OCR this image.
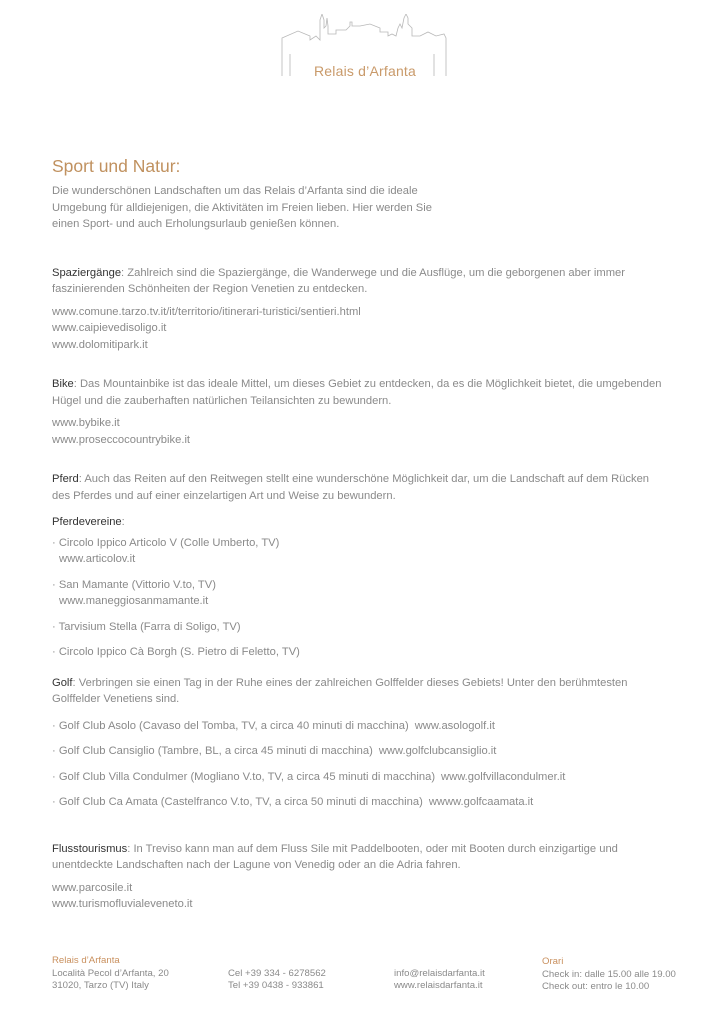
Relais d’Arfanta
Sport und Natur:

Die wunderschönen Landschaften um das Relais d’Arfanta sind die ideale Umgebung für alldiejenigen, die Aktivitäten im Freien lieben. Hier werden Sie einen Sport- und auch Erholungsurlaub genießen können.

Spaziergänge: Zahlreich sind die Spaziergänge, die Wanderwege und die Ausflüge, um die geborgenen aber immer faszinierenden Schönheiten der Region Venetien zu entdecken.

www.comune.tarzo.tv.it/it/territorio/itinerari-turistici/sentieri.html
www.caipievedisoligo.it
www.dolomitipark.it

Bike: Das Mountainbike ist das ideale Mittel, um dieses Gebiet zu entdecken, da es die Möglichkeit bietet, die umgebenden Hügel und die zauberhaften natürlichen Teilansichten zu bewundern.

www.bybike.it
www.proseccocountrybike.it

Pferd: Auch das Reiten auf den Reitwegen stellt eine wunderschöne Möglichkeit dar, um die Landschaft auf dem Rücken des Pferdes und auf einer einzelartigen Art und Weise zu bewundern.

Pferdevereine:
· Circolo Ippico Articolo V (Colle Umberto, TV)
www.articolov.it
· San Mamante (Vittorio V.to, TV)
www.maneggiosanmamante.it
· Tarvisium Stella (Farra di Soligo, TV)
· Circolo Ippico Cà Borgh (S. Pietro di Feletto, TV)

Golf: Verbringen sie einen Tag in der Ruhe eines der zahlreichen Golffelder dieses Gebiets! Unter den berühmtesten Golffelder Venetiens sind.

· Golf Club Asolo (Cavaso del Tomba, TV, a circa 40 minuti di macchina) www.asologolf.it
· Golf Club Cansiglio (Tambre, BL, a circa 45 minuti di macchina) www.golfclubcansiglio.it
· Golf Club Villa Condulmer (Mogliano V.to, TV, a circa 45 minuti di macchina) www.golfvillacondulmer.it
· Golf Club Ca Amata (Castelfranco V.to, TV, a circa 50 minuti di macchina) wwww.golfcaamata.it

Flusstourismus: In Treviso kann man auf dem Fluss Sile mit Paddelbooten, oder mit Booten durch einzigartige und unentdeckte Landschaften nach der Lagune von Venedig oder an die Adria fahren.

www.parcosile.it
www.turismofluvialeveneto.it
Relais d’Arfanta
Località Pecol d’Arfanta, 20
31020, Tarzo (TV) Italy
Cel +39 334 - 6278562
Tel +39 0438 - 933861
info@relaisdarfanta.it
www.relaisdarfanta.it
Orari
Check in: dalle 15.00 alle 19.00
Check out: entro le 10.00
